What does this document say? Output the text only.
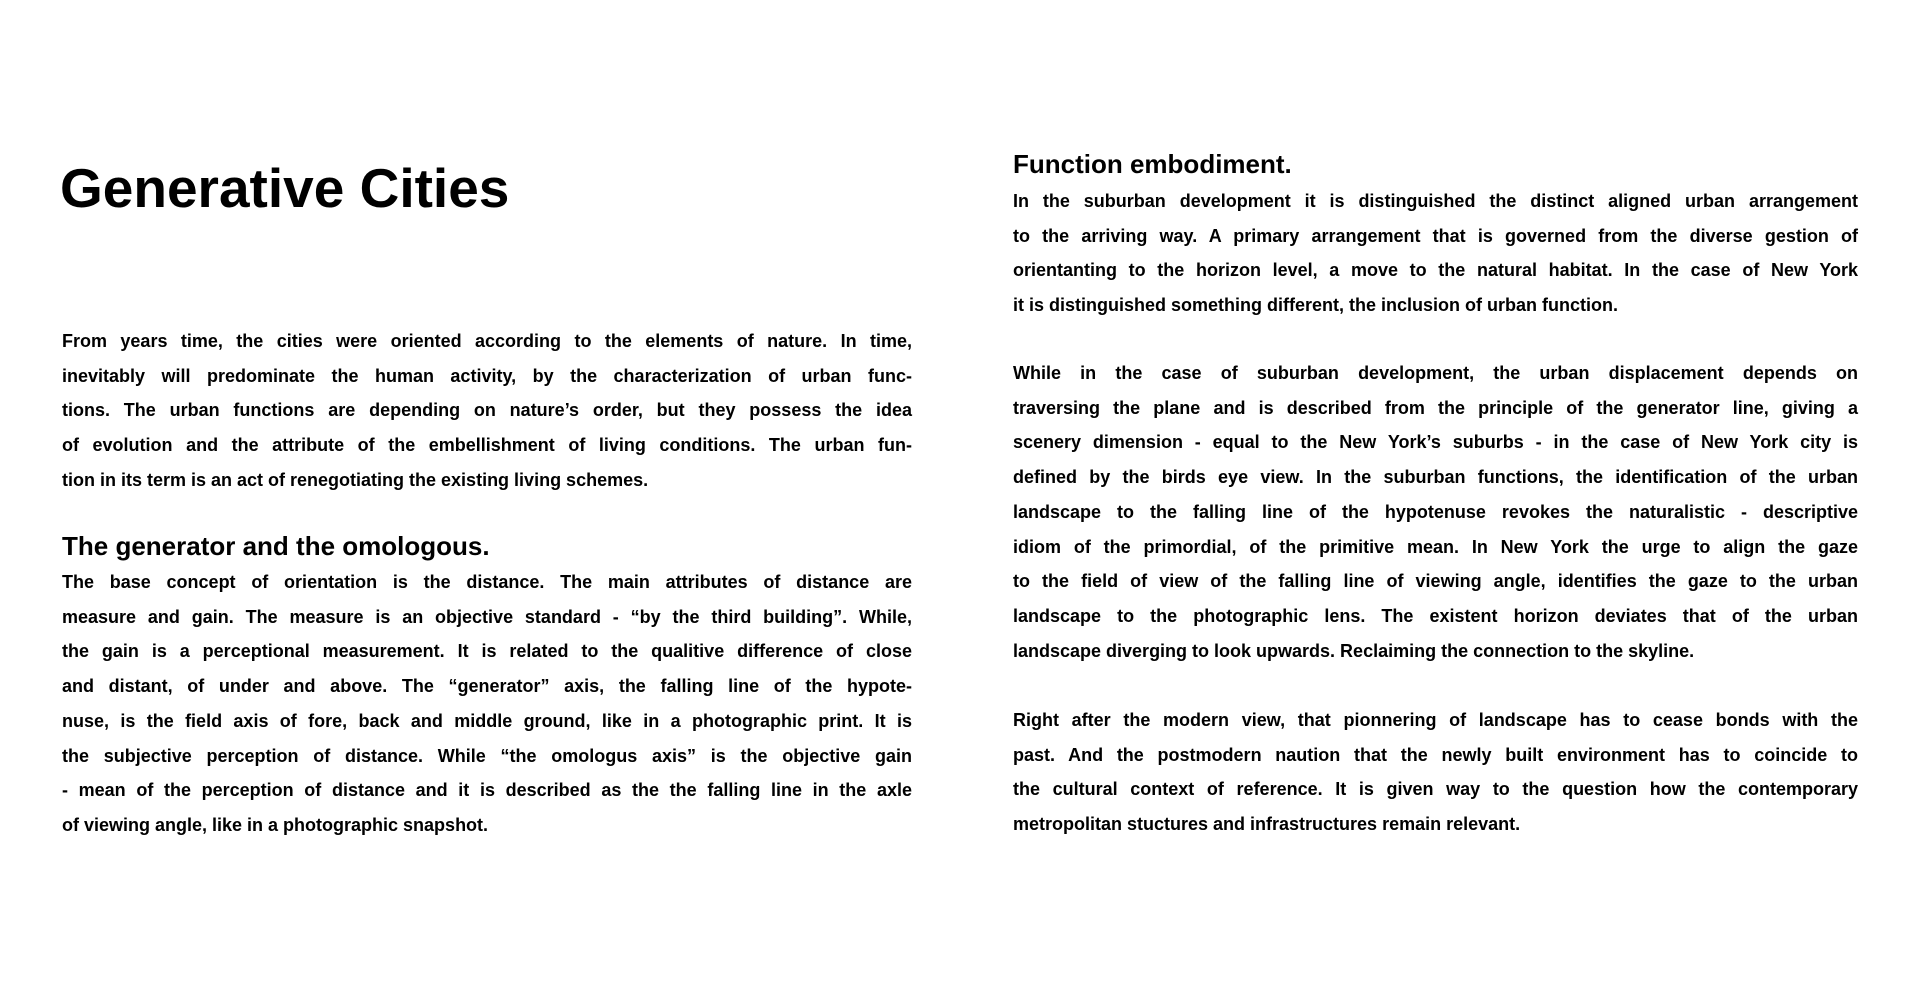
Generative Cities
From years time, the cities were oriented according to the elements of nature. In time,
inevitably will predominate the human activity, by the characterization of urban func-
tions. The urban functions are depending on nature’s order, but they possess the idea
of evolution and the attribute of the embellishment of living conditions. The urban fun-
tion in its term is an act of renegotiating the existing living schemes.
The generator and the omologous.
The base concept of orientation is the distance. The main attributes of distance are
measure and gain. The measure is an objective standard - “by the third building”. While,
the gain is a perceptional measurement. It is related to the qualitive difference of close
and distant, of under and above. The “generator” axis, the falling line of the hypote-
nuse, is the field axis of fore, back and middle ground, like in a photographic print. It is
the subjective perception of distance. While “the omologus axis” is the objective gain
- mean of the perception of distance and it is described as the the falling line in the axle
of viewing angle, like in a photographic snapshot.
Function embodiment.
In the suburban development it is distinguished the distinct aligned urban arrangement
to the arriving way. A primary arrangement that is governed from the diverse gestion of
orientanting to the horizon level, a move to the natural habitat. In the case of New York
it is distinguished something different, the inclusion of urban function.
While in the case of suburban development, the urban displacement depends on
traversing the plane and is described from the principle of the generator line, giving a
scenery dimension - equal to the New York’s suburbs - in the case of New York city is
defined by the birds eye view. In the suburban functions, the identification of the urban
landscape to the falling line of the hypotenuse revokes the naturalistic - descriptive
idiom of the primordial, of the primitive mean. In New York the urge to align the gaze
to the field of view of the falling line of viewing angle, identifies the gaze to the urban
landscape to the photographic lens. The existent horizon deviates that of the urban
landscape diverging to look upwards. Reclaiming the connection to the skyline.
Right after the modern view, that pionnering of landscape has to cease bonds with the
past. And the postmodern naution that the newly built environment has to coincide to
the cultural context of reference. It is given way to the question how the contemporary
metropolitan stuctures and infrastructures remain relevant.
